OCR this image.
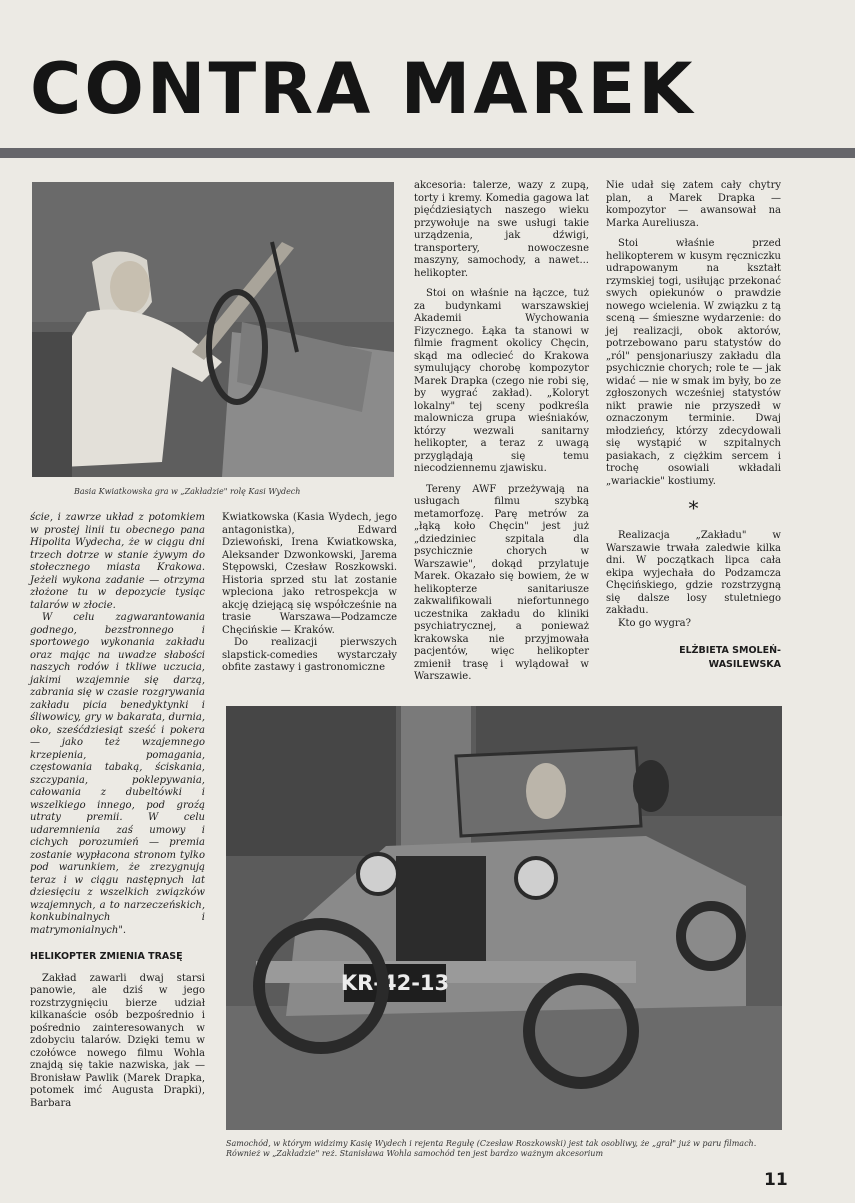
CONTRA MAREK
Basia Kwiatkowska gra w „Zakładzie" rolę Kasi Wydech

ście, i zawrze układ z potomkiem w prostej linii tu obecnego pana Hipolita Wydecha, że w ciągu dni trzech dotrze w stanie żywym do stołecznego miasta Krakowa. Jeżeli wykona zadanie — otrzyma złożone tu w depozycie tysiąc talarów w złocie.

W celu zagwarantowania godnego, bezstronnego i sportowego wykonania zakładu oraz mając na uwadze słabości naszych rodów i tkliwe uczucia, jakimi wzajemnie się darzą, zabrania się w czasie rozgrywania zakładu picia benedyktynki i śliwowicy, gry w bakarata, durnia, oko, sześćdziesiąt sześć i pokera — jako też wzajemnego krzepienia, pomagania, częstowania tabaką, ściskania, szczypania, poklepywania, całowania z dubeltówki i wszelkiego innego, pod groźą utraty premii. W celu udaremnienia zaś umowy i cichych porozumień — premia zostanie wypłacona stronom tylko pod warunkiem, że zrezygnują teraz i w ciągu następnych lat dziesięciu z wszelkich związków wzajemnych, a to narzeczeńskich, konkubinalnych i matrymonialnych".

HELIKOPTER ZMIENIA TRASĘ

Zakład zawarli dwaj starsi panowie, ale dziś w jego rozstrzygnięciu bierze udział kilkanaście osób bezpośrednio i pośrednio zainteresowanych w zdobyciu talarów. Dzięki temu w czołówce nowego filmu Wohla znajdą się takie nazwiska, jak — Bronisław Pawlik (Marek Drapka, potomek imć Augusta Drapki), Barbara

Kwiatkowska (Kasia Wydech, jego antagonistka), Edward Dziewoński, Irena Kwiatkowska, Aleksander Dzwonkowski, Jarema Stępowski, Czesław Roszkowski. Historia sprzed stu lat zostanie wpleciona jako retrospekcja w akcję dziejącą się współcześnie na trasie Warszawa—Podzamcze Chęcińskie — Kraków.

Do realizacji pierwszych slapstick-comedies wystarczały obfite zastawy i gastronomiczne

akcesoria: talerze, wazy z zupą, torty i kremy. Komedia gagowa lat pięćdziesiątych naszego wieku przywołuje na swe usługi takie urządzenia, jak dźwigi, transportery, nowoczesne maszyny, samochody, a nawet... helikopter.

Stoi on właśnie na łączce, tuż za budynkami warszawskiej Akademii Wychowania Fizycznego. Łąka ta stanowi w filmie fragment okolicy Chęcin, skąd ma odlecieć do Krakowa symulujący chorobę kompozytor Marek Drapka (czego nie robi się, by wygrać zakład). „Koloryt lokalny" tej sceny podkreśla malownicza grupa wieśniaków, którzy wezwali sanitarny helikopter, a teraz z uwagą przyglądają się temu niecodziennemu zjawisku.

Tereny AWF przeżywają na usługach filmu szybką metamorfozę. Parę metrów za „łąką koło Chęcin" jest już „dziedziniec szpitala dla psychicznie chorych w Warszawie", dokąd przylatuje Marek. Okazało się bowiem, że w helikopterze sanitariusze zakwalifikowali niefortunnego uczestnika zakładu do kliniki psychiatrycznej, a ponieważ krakowska nie przyjmowała pacjentów, więc helikopter zmienił trasę i wylądował w Warszawie.

Nie udał się zatem cały chytry plan, a Marek Drapka — kompozytor — awansował na Marka Aureliusza.

Stoi właśnie przed helikopterem w kusym ręczniczku udrapowanym na kształt rzymskiej togi, usiłując przekonać swych opiekunów o prawdzie nowego wcielenia. W związku z tą sceną — śmieszne wydarzenie: do jej realizacji, obok aktorów, potrzebowano paru statystów do „ról" pensjonariuszy zakładu dla psychicznie chorych; role te — jak widać — nie w smak im były, bo ze zgłoszonych wcześniej statystów nikt prawie nie przyszedł w oznaczonym terminie. Dwaj młodzieńcy, którzy zdecydowali się wystąpić w szpitalnych pasiakach, z ciężkim sercem i trochę osowiali wkładali „wariackie" kostiumy.

*

Realizacja „Zakładu" w Warszawie trwała zaledwie kilka dni. W początkach lipca cała ekipa wyjechała do Podzamcza Chęcińskiego, gdzie rozstrzygną się dalsze losy stuletniego zakładu.

Kto go wygra?

ELŻBIETA SMOLEŃ-
WASILEWSKA
KR-42-13
Samochód, w którym widzimy Kasię Wydech i rejenta Regułę (Czesław Roszkowski) jest tak osobliwy, że „grał" już w paru filmach. Również w „Zakładzie" reż. Stanisława Wohla samochód ten jest bardzo ważnym akcesorium
11
